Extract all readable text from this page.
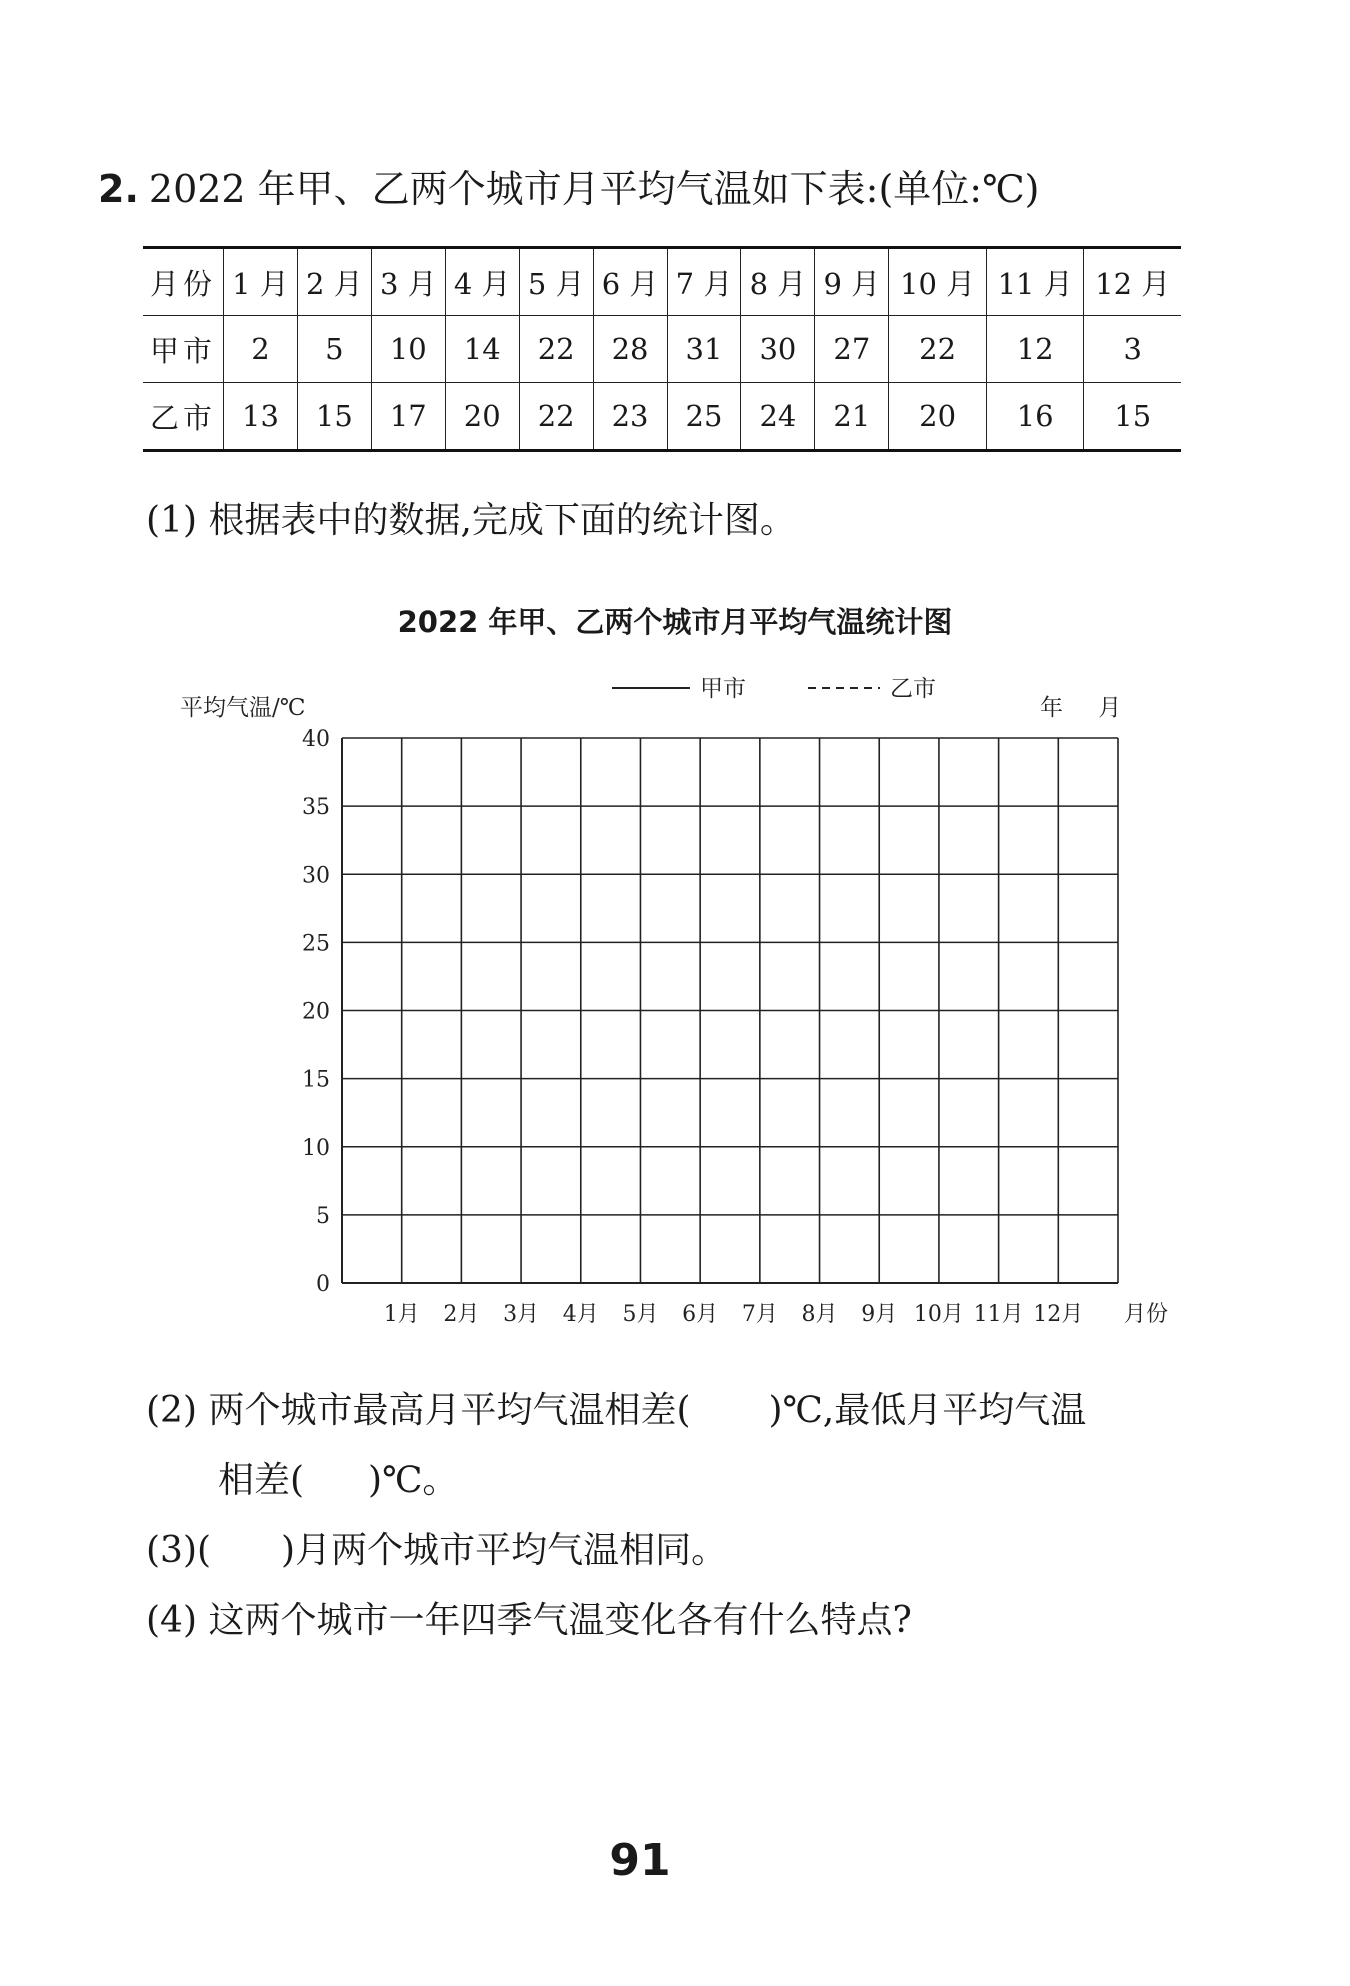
2. 2022 年甲、乙两个城市月平均气温如下表:(单位:℃)
月份	1 月	2 月	3 月	4 月	5 月	6 月	7 月	8 月	9 月	10 月	11 月	12 月
甲市	2	5	10	14	22	28	31	30	27	22	12	3
乙市	13	15	17	20	22	23	25	24	21	20	16	15
(1) 根据表中的数据,完成下面的统计图。
2022 年甲、乙两个城市月平均气温统计图
0
5
10
15
20
25
30
35
40
1月 2月 3月 4月 5月 6月 7月 8月 9月 10月 11月 12月 月份
平均气温/℃	年 月
甲市	乙市
(2) 两个城市最高月平均气温相差( )℃,最低月平均气温
相差( )℃。
(3)( )月两个城市平均气温相同。
(4) 这两个城市一年四季气温变化各有什么特点?
91
